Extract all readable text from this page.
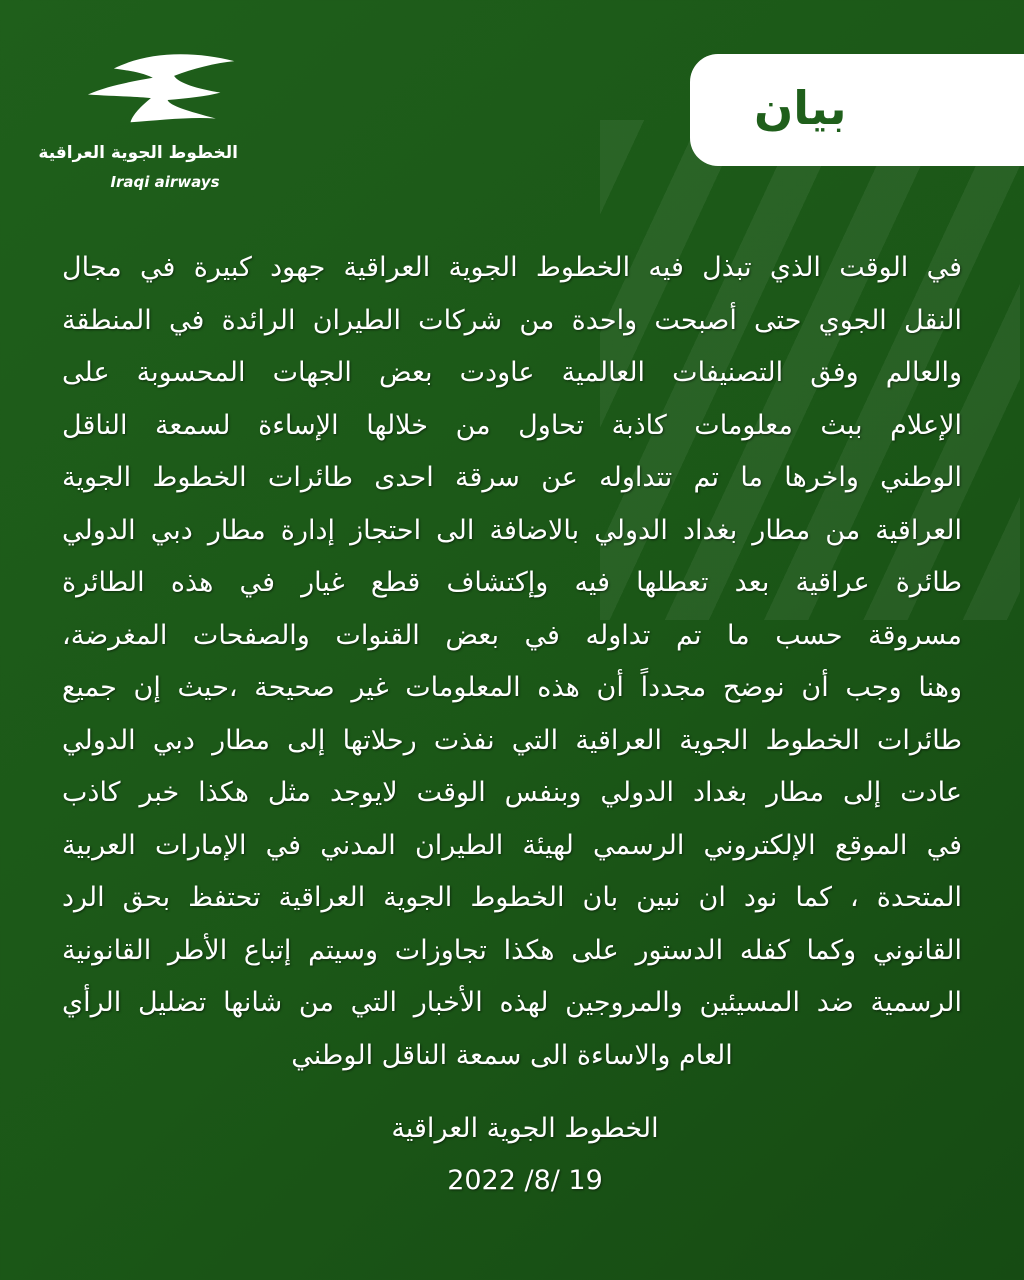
الخطوط الجوية العراقية
Iraqi airways
بيان
في الوقت الذي تبذل فيه الخطوط الجوية العراقية جهود كبيرة في مجال
النقل الجوي حتى أصبحت واحدة من شركات الطيران الرائدة في المنطقة
والعالم وفق التصنيفات العالمية عاودت بعض الجهات المحسوبة على
الإعلام ببث معلومات كاذبة تحاول من خلالها الإساءة لسمعة الناقل
الوطني واخرها ما تم تتداوله عن سرقة احدى طائرات الخطوط الجوية
العراقية من مطار بغداد الدولي بالاضافة الى احتجاز إدارة مطار دبي الدولي
طائرة عراقية بعد تعطلها فيه وإكتشاف قطع غيار في هذه الطائرة
مسروقة حسب ما تم تداوله في بعض القنوات والصفحات المغرضة،
وهنا وجب أن نوضح مجدداً أن هذه المعلومات غير صحيحة ،حيث إن جميع
طائرات الخطوط الجوية العراقية التي نفذت رحلاتها إلى مطار دبي الدولي
عادت إلى مطار بغداد الدولي وبنفس الوقت لايوجد مثل هكذا خبر كاذب
في الموقع الإلكتروني الرسمي لهيئة الطيران المدني في الإمارات العربية
المتحدة ، كما نود ان نبين بان الخطوط الجوية العراقية تحتفظ بحق الرد
القانوني وكما كفله الدستور على هكذا تجاوزات وسيتم إتباع الأطر القانونية
الرسمية ضد المسيئين والمروجين لهذه الأخبار التي من شانها تضليل الرأي
العام والاساءة الى سمعة الناقل الوطني
الخطوط الجوية العراقية
2022 /8/ 19
